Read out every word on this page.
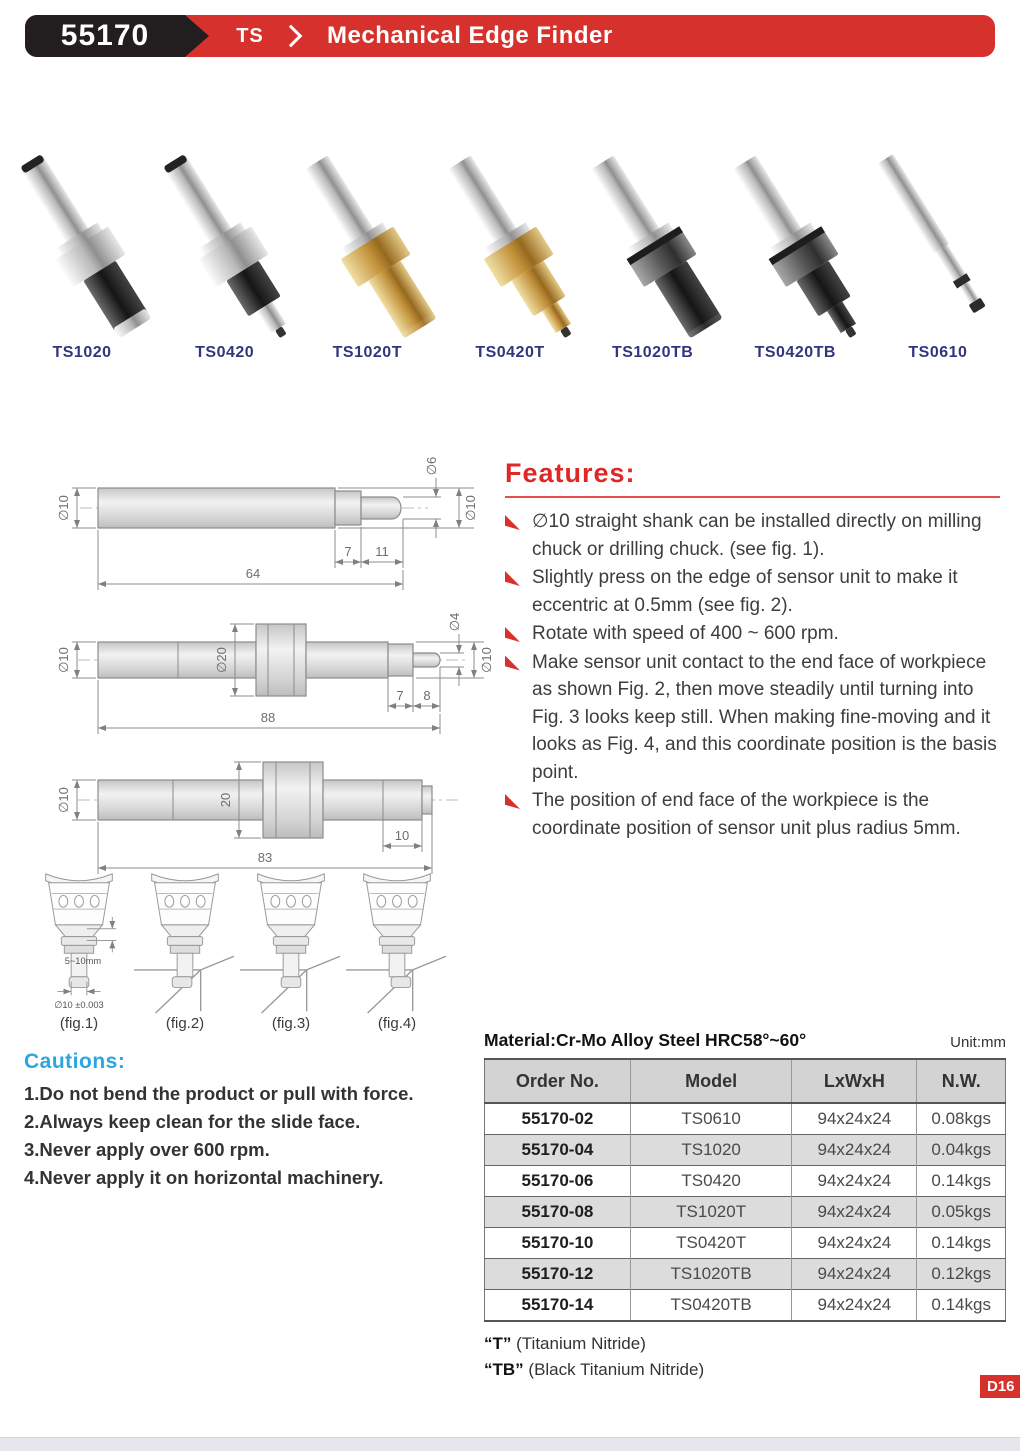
55170	TS	Mechanical Edge Finder
TS1020	TS0420	TS1020T	TS0420T	TS1020TB	TS0420TB	TS0610
∅10
∅6
∅10
7 11
64
∅10	∅20
∅4
∅10
7 8
88
∅10	20
10
83
Features:
∅10 straight shank can be installed directly on milling chuck or drilling chuck. (see fig. 1).
Slightly press on the edge of sensor unit to make it eccentric at 0.5mm (see fig. 2).
Rotate with speed of 400 ~ 600 rpm.
Make sensor unit contact to the end face of workpiece as shown Fig. 2, then move steadily until turning into Fig. 3 looks keep still. When making fine-moving and it looks as Fig. 4, and this coordinate position is the basis point.
The position of end face of the workpiece is the coordinate position of sensor unit plus radius 5mm.
5~10mm
∅10 ±0.003
(fig.1)	(fig.2)	(fig.3)	(fig.4)
Cautions:
1.Do not bend the product or pull with force.
2.Always keep clean for the slide face.
3.Never apply over 600 rpm.
4.Never apply it on horizontal machinery.
Material:Cr-Mo Alloy Steel HRC58°~60°	Unit:mm
Order No.	Model	LxWxH	N.W.
55170-02	TS0610	94x24x24	0.08kgs
55170-04	TS1020	94x24x24	0.04kgs
55170-06	TS0420	94x24x24	0.14kgs
55170-08	TS1020T	94x24x24	0.05kgs
55170-10	TS0420T	94x24x24	0.14kgs
55170-12	TS1020TB	94x24x24	0.12kgs
55170-14	TS0420TB	94x24x24	0.14kgs
“T” (Titanium Nitride)
“TB” (Black Titanium Nitride)
D16
